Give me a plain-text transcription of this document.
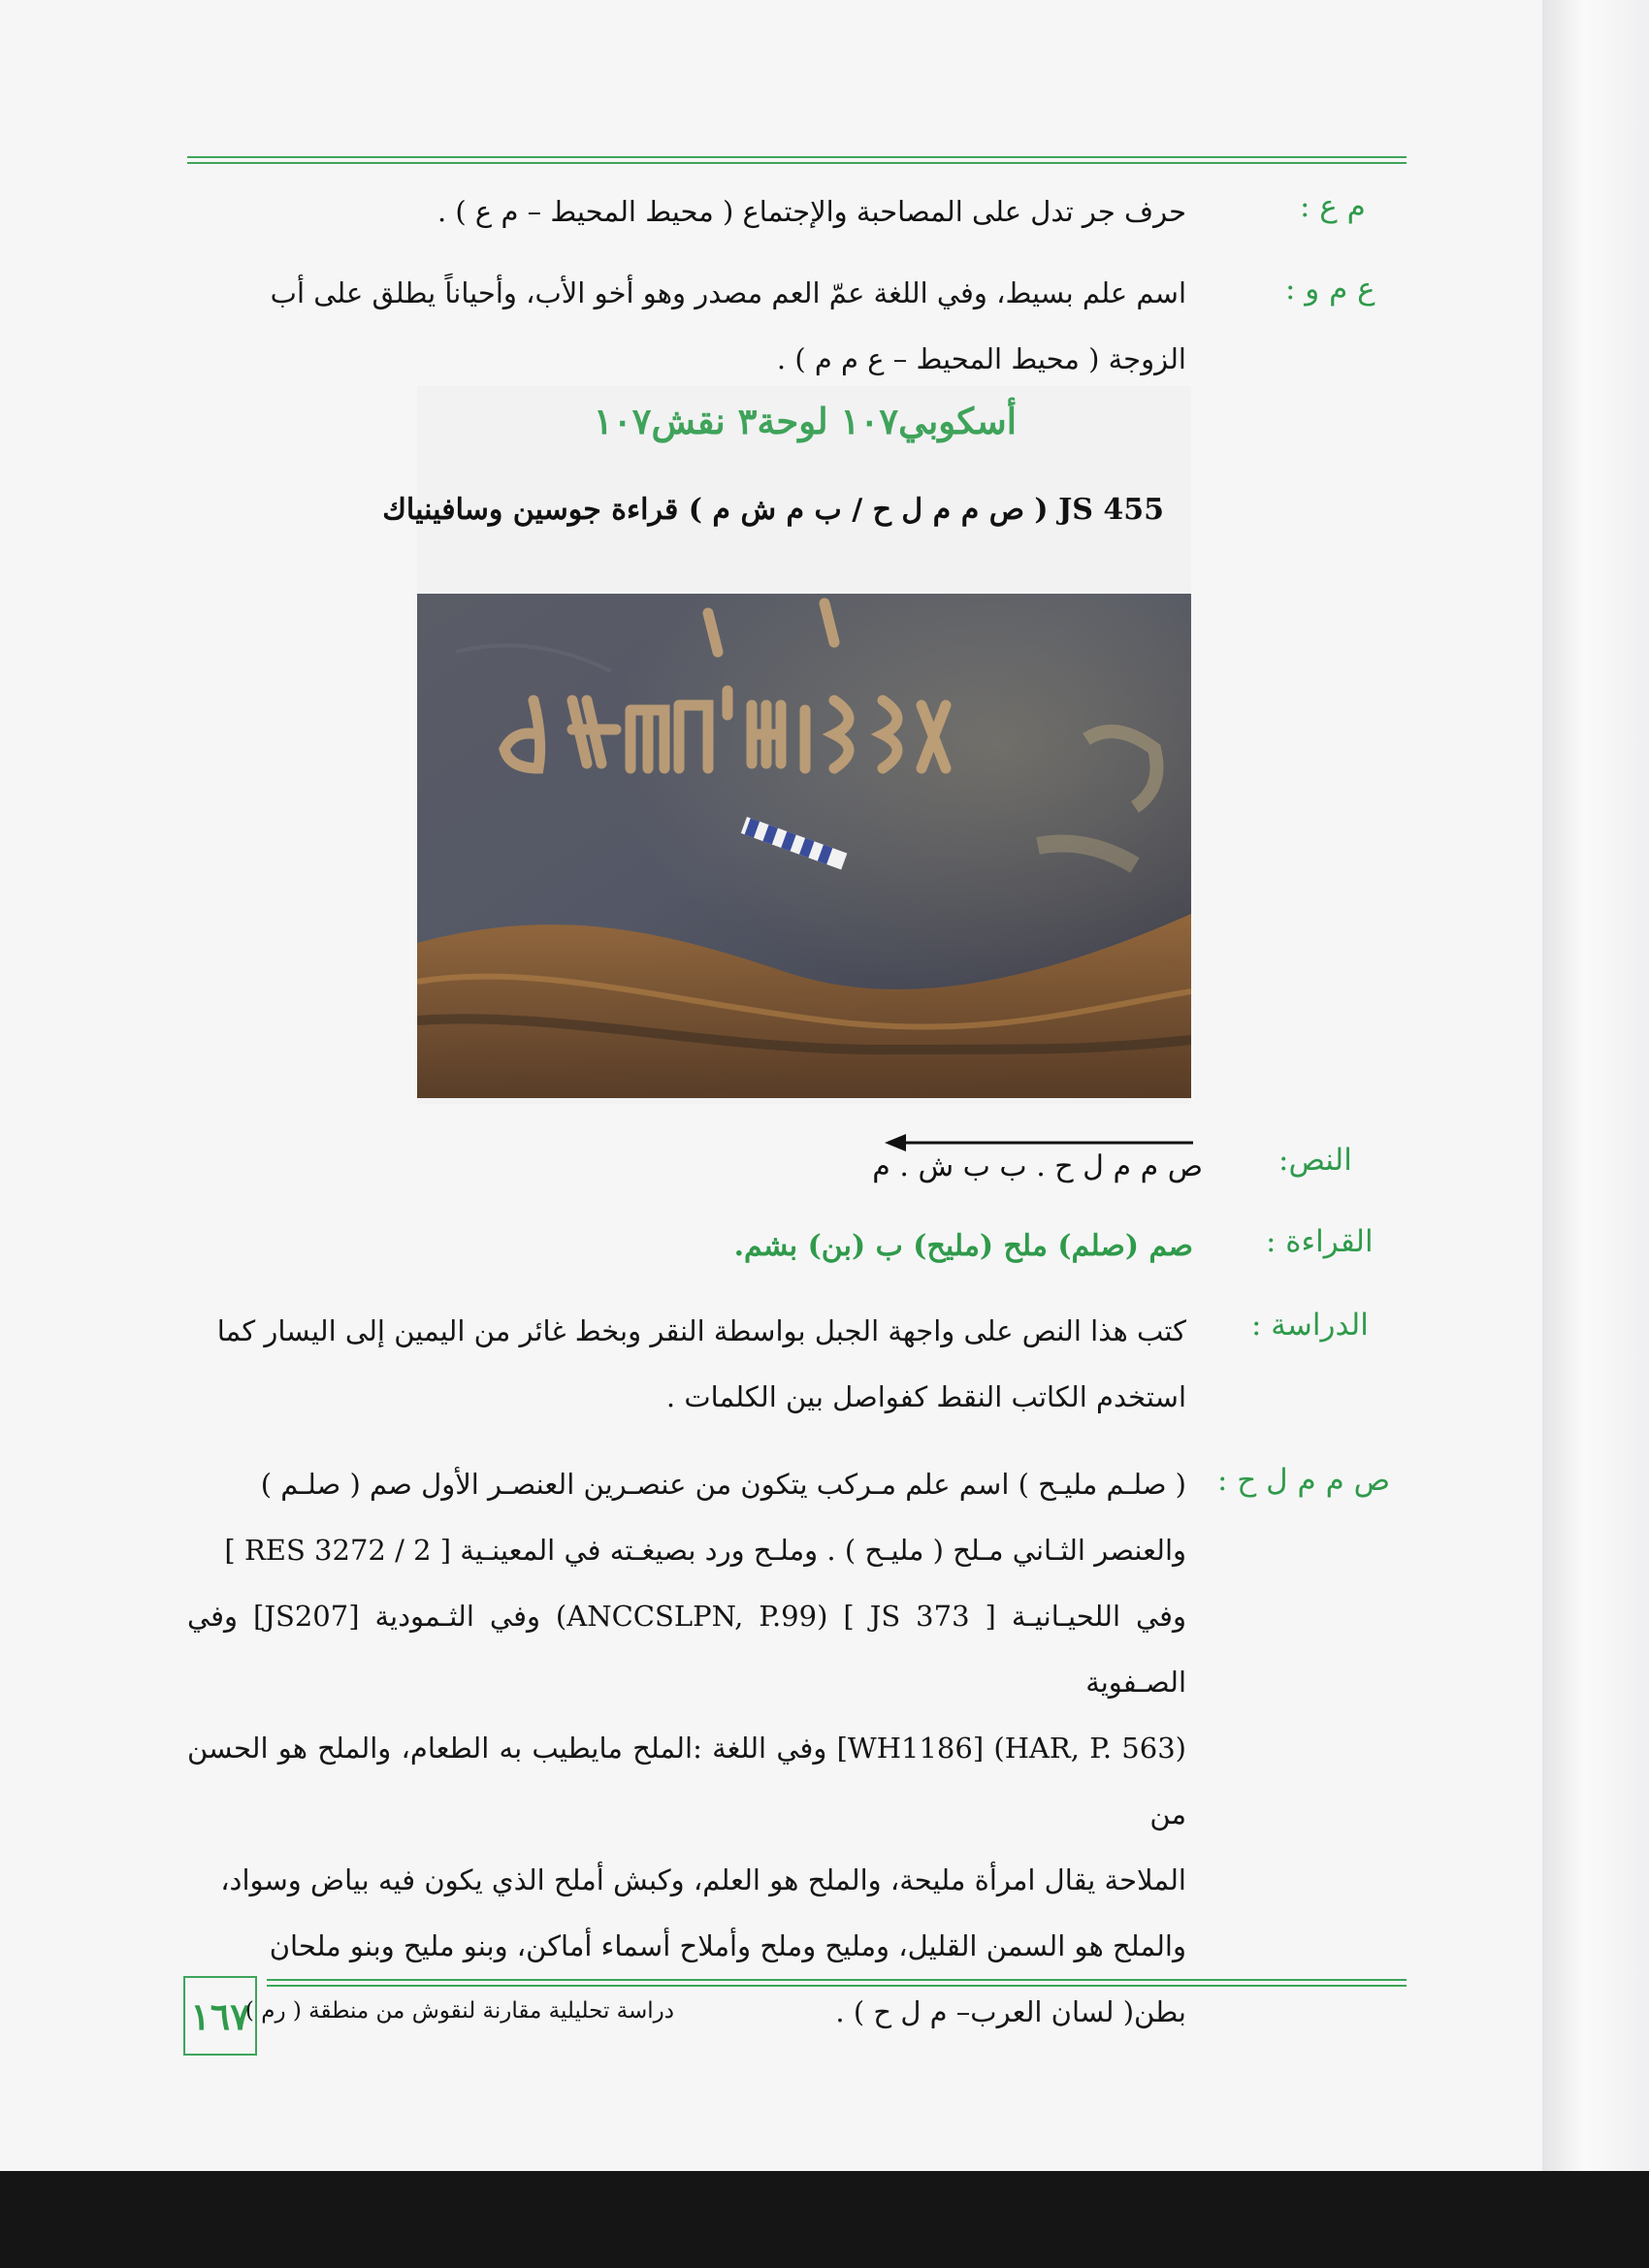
م ع :
حرف جر تدل على المصاحبة والإجتماع ( محيط المحيط – م ع ) .
ع م و :
اسم علم بسيط، وفي اللغة عمّ العم مصدر وهو أخو الأب، وأحياناً يطلق على أب
الزوجة ( محيط المحيط – ع م م ) .
أسكوبي١٠٧ لوحة٣ نقش١٠٧
JS 455 ( ص م م ل ح / ب م ش م ) قراءة جوسين وسافينياك
النص:
ص م م ل ح . ب ب ش . م
القراءة :
صم (صلم) ملح (مليح) ب (بن) بشم.
الدراسة :
كتب هذا النص على واجهة الجبل بواسطة النقر وبخط غائر من اليمين إلى اليسار كما
استخدم الكاتب النقط كفواصل بين الكلمات .
ص م م ل ح :
( صلـم مليـح ) اسم علم مـركب يتكون من عنصـرين العنصـر الأول صم ( صلـم )
والعنصر الثـاني مـلح ( مليـح ) . وملـح ورد بصيغـته في المعينـية [ RES 3272 / 2 ]
وفي اللحيـانيـة [ JS 373 ] (ANCCSLPN, P.99) وفي الثـمودية [JS207] وفي الصـفوية
(HAR, P. 563) [WH1186] وفي اللغة :الملح مايطيب به الطعام، والملح هو الحسن من
الملاحة يقال امرأة مليحة، والملح هو العلم، وكبش أملح الذي يكون فيه بياض وسواد،
والملح هو السمن القليل، ومليح وملح وأملاح أسماء أماكن، وبنو مليح وبنو ملحان
بطن( لسان العرب– م ل ح ) .
١٦٧
دراسة تحليلية مقارنة لنقوش من منطقة ( رم )
